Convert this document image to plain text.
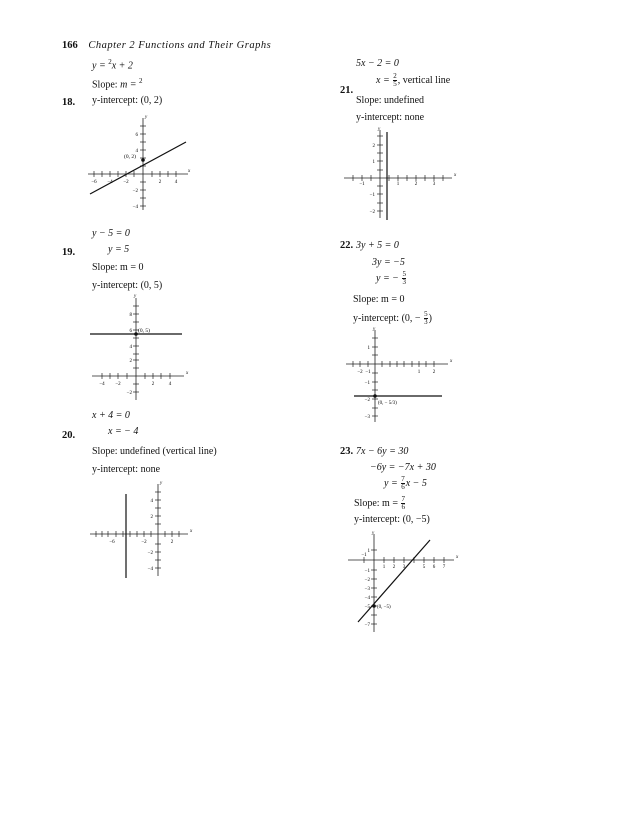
166 Chapter 2 Functions and Their Graphs
18.
y = $^2$x + 2
Slope: m = $^2$
y-intercept: (0, 2)
y
x
(0, 2)
6
4
−2
−4
−6 −4 −2	2	4
19.
y − 5 = 0
y = 5
Slope: m = 0
y-intercept: (0, 5)
y
x
(0, 5)
8
6
4
2
−2
−4 −2	2	4
20.
x + 4 = 0
x = − 4
Slope: undefined (vertical line)
y-intercept: none
y
x
4
2
−2
−4
−6	−2	2
21.
5x − 2 = 0
$x = \frac{2}{5}$ , vertical line
Slope: undefined
y-intercept: none
y
x
2
1
−1
−2
−1	1	2	3
22. 3y + 5 = 0
3y = −5
y = − $\frac{5}{3}$
Slope: m = 0
y-intercept: (0, − $\frac{5}{3}$ )
y
x
(0, − 5/3)
1
−1
−2
−3
−2 −1	1	2
23. 7x − 6y = 30
−6y = −7x + 30
$y = \frac{7}{6}$ x − 5
Slope: $m = \frac{7}{6}$
y-intercept: (0, −5)
y
x
(0, −5)
1
−1
−2
−3
−4
−5
−7
−1
1 2 3	5 6 7
